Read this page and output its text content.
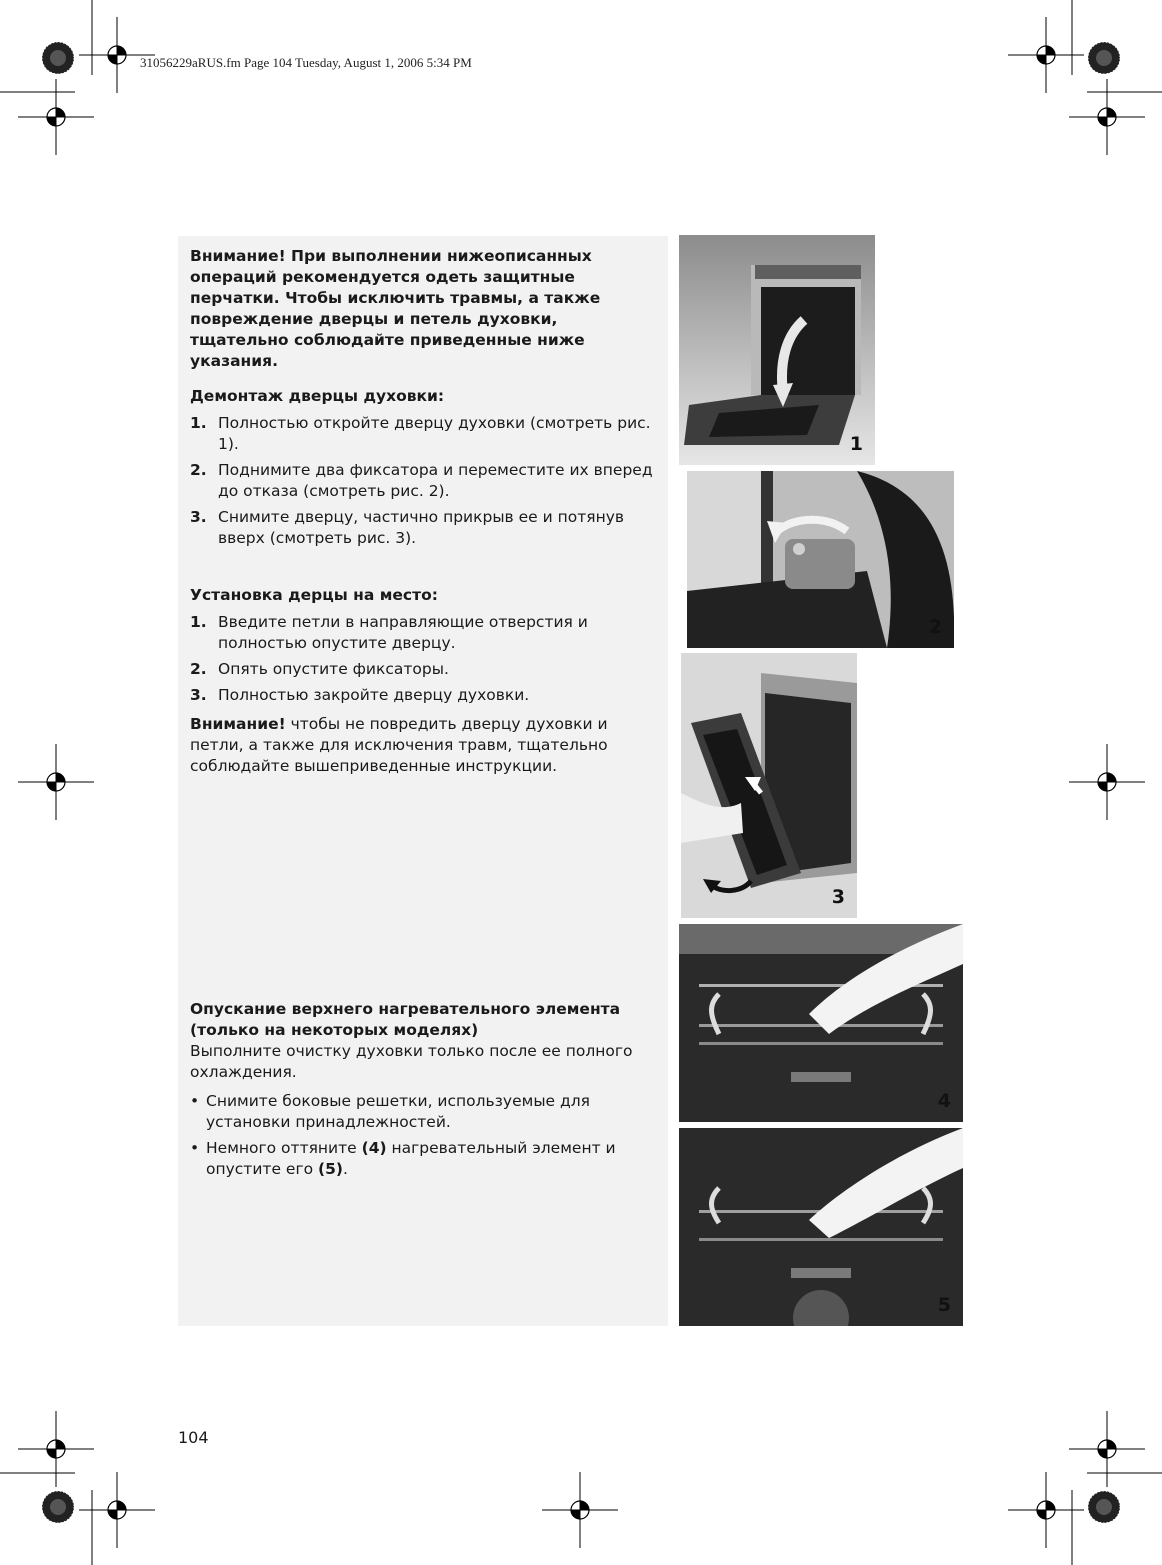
31056229aRUS.fm Page 104 Tuesday, August 1, 2006 5:34 PM
Внимание! При выполнении нижеописанных операций рекомендуется одеть защитные перчатки. Чтобы исключить травмы, а также повреждение дверцы и петель духовки, тщательно соблюдайте приведенные ниже указания.
Демонтаж дверцы духовки:
1. Полностью откройте дверцу духовки (смотреть рис. 1).
2. Поднимите два фиксатора и переместите их вперед до отказа (смотреть рис. 2).
3. Снимите дверцу, частично прикрыв ее и потянув вверх (смотреть рис. 3).
Установка дерцы на место:
1. Введите петли в направляющие отверстия и полностью опустите дверцу.
2. Опять опустите фиксаторы.
3. Полностью закройте дверцу духовки.
Внимание! чтобы не повредить дверцу духовки и петли, а также для исключения травм, тщательно соблюдайте вышеприведенные инструкции.
Опускание верхнего нагревательного элемента (только на некоторых моделях)
Выполните очистку духовки только после ее полного охлаждения.
• Снимите боковые решетки, используемые для установки принадлежностей.
• Немного оттяните (4) нагревательный элемент и опустите его (5).
1
2
3
4
5
104
